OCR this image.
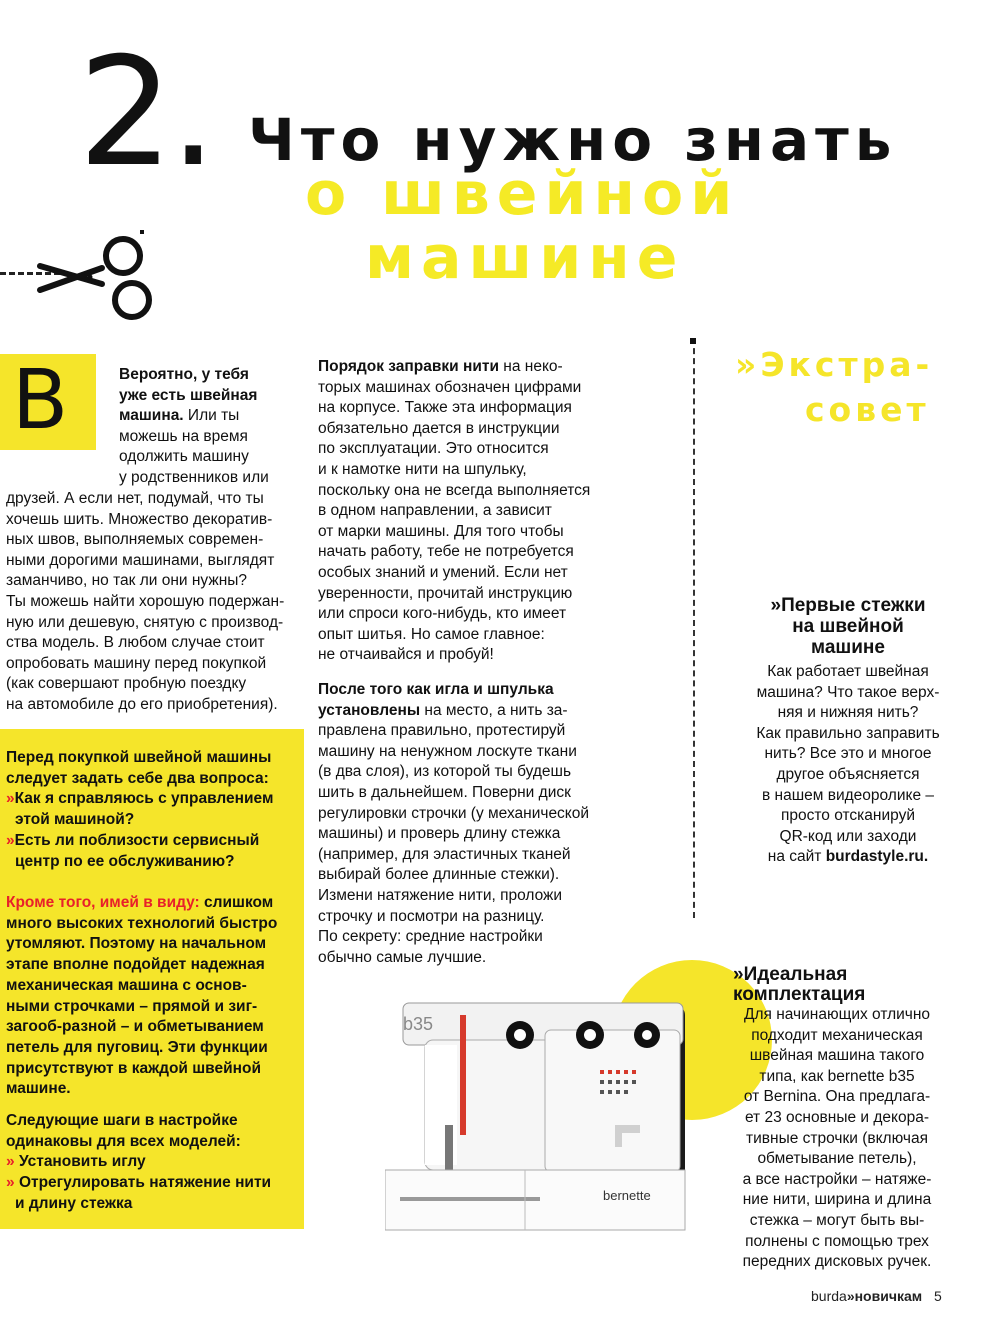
2. Что нужно знать
о швейной
машине
В	Вероятно, у тебя
уже есть швейная
машина. Или ты
можешь на время
одолжить машину
у родственников или
друзей. А если нет, подумай, что ты
хочешь шить. Множество декоратив-
ных швов, выполняемых современ-
ными дорогими машинами, выглядят
заманчиво, но так ли они нужны?
Ты можешь найти хорошую подержан-
ную или дешевую, снятую с производ-
ства модель. В любом случае стоит
опробовать машину перед покупкой
(как совершают пробную поездку
на автомобиле до его приобретения).
Перед покупкой швейной машины
следует задать себе два вопроса:
»Как я справляюсь с управлением
этой машиной?
»Есть ли поблизости сервисный
центр по ее обслуживанию?
Кроме того, имей в виду: слишком
много высоких технологий быстро
утомляют. Поэтому на начальном
этапе вполне подойдет надежная
механическая машина с основ-
ными строчками – прямой и зиг-
загооб-разной – и обметыванием
петель для пуговиц. Эти функции
присутствуют в каждой швейной
машине.
Следующие шаги в настройке
одинаковы для всех моделей:
» Установить иглу
» Отрегулировать натяжение нити
и длину стежка
Порядок заправки нити на неко-
торых машинах обозначен цифрами
на корпусе. Также эта информация
обязательно дается в инструкции
по эксплуатации. Это относится
и к намотке нити на шпульку,
поскольку она не всегда выполняется
в одном направлении, а зависит
от марки машины. Для того чтобы
начать работу, тебе не потребуется
особых знаний и умений. Если нет
уверенности, прочитай инструкцию
или спроси кого-нибудь, кто имеет
опыт шитья. Но самое главное:
не отчаивайся и пробуй!
После того как игла и шпулька
установлены на место, а нить за-
правлена правильно, протестируй
машину на ненужном лоскуте ткани
(в два слоя), из которой ты будешь
шить в дальнейшем. Поверни диск
регулировки строчки (у механической
машины) и проверь длину стежка
(например, для эластичных тканей
выбирай более длинные стежки).
Измени натяжение нити, проложи
строчку и посмотри на разницу.
По секрету: средние настройки
обычно самые лучшие.
»Экстра-
совет
»Первые стежки
на швейной
машине
Как работает швейная
машина? Что такое верх-
няя и нижняя нить?
Как правильно заправить
нить? Все это и многое
другое объясняется
в нашем видеоролике –
просто отсканируй
QR-код или заходи
на сайт burdastyle.ru.
b35
bernette
»Идеальная
комплектация
Для начинающих отлично
подходит механическая
швейная машина такого
типа, как bernette b35
от Bernina. Она предлага-
ет 23 основные и декора-
тивные строчки (включая
обметывание петель),
а все настройки – натяже-
ние нити, ширина и длина
стежка – могут быть вы-
полнены с помощью трех
передних дисковых ручек.
burda»новичкам 5
